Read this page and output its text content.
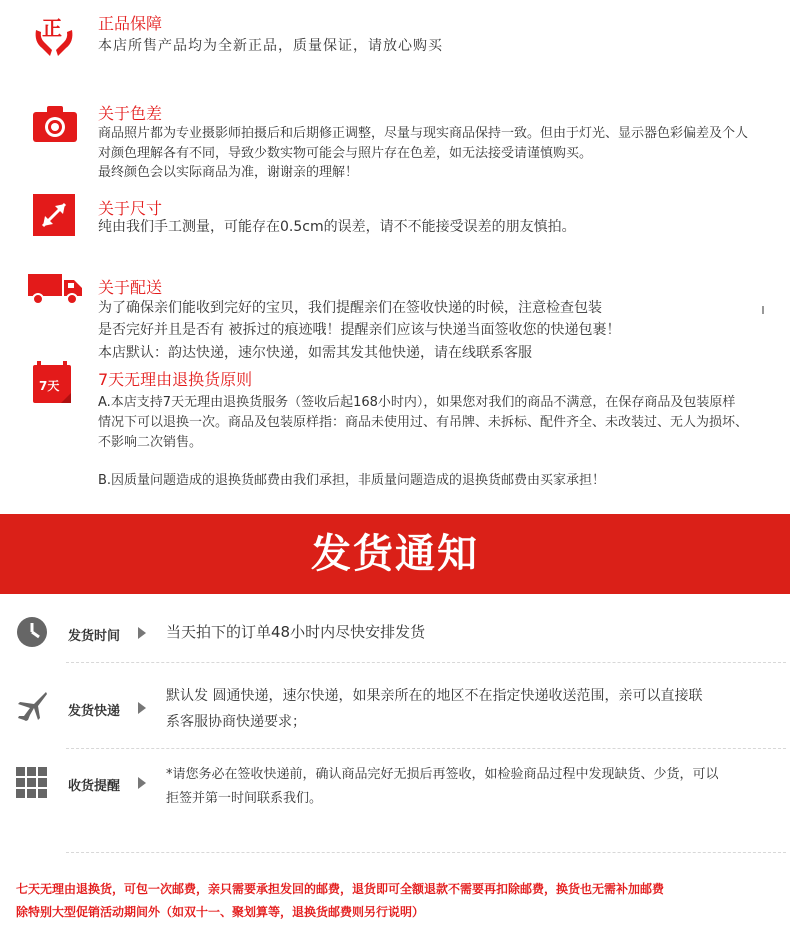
正 正品保障
本店所售产品均为全新正品，质量保证，请放心购买
关于色差
商品照片都为专业摄影师拍摄后和后期修正调整，尽量与现实商品保持一致。但由于灯光、显示器色彩偏差及个人
对颜色理解各有不同，导致少数实物可能会与照片存在色差，如无法接受请谨慎购买。
最终颜色会以实际商品为准，谢谢亲的理解！
关于尺寸
纯由我们手工测量，可能存在0.5cm的误差，请不不能接受误差的朋友慎拍。
关于配送
为了确保亲们能收到完好的宝贝，我们提醒亲们在签收快递的时候，注意检查包装
是否完好并且是否有 被拆过的痕迹哦！提醒亲们应该与快递当面签收您的快递包裹！
本店默认：韵达快递，速尔快递，如需其发其他快递，请在线联系客服
7天 7天无理由退换货原则
A.本店支持7天无理由退换货服务（签收后起168小时内），如果您对我们的商品不满意，在保存商品及包装原样
情况下可以退换一次。商品及包装原样指：商品未使用过、有吊牌、未拆标、配件齐全、未改装过、无人为损坏、
不影响二次销售。
B.因质量问题造成的退换货邮费由我们承担，非质量问题造成的退换货邮费由买家承担！
发货通知
发货时间	当天拍下的订单48小时内尽快安排发货
发货快递
默认发 圆通快递，速尔快递，如果亲所在的地区不在指定快递收送范围，亲可以直接联
系客服协商快递要求；
收货提醒
*请您务必在签收快递前，确认商品完好无损后再签收，如检验商品过程中发现缺货、少货，可以
拒签并第一时间联系我们。
七天无理由退换货，可包一次邮费，亲只需要承担发回的邮费，退货即可全额退款不需要再扣除邮费，换货也无需补加邮费
除特别大型促销活动期间外（如双十一、聚划算等，退换货邮费则另行说明）
